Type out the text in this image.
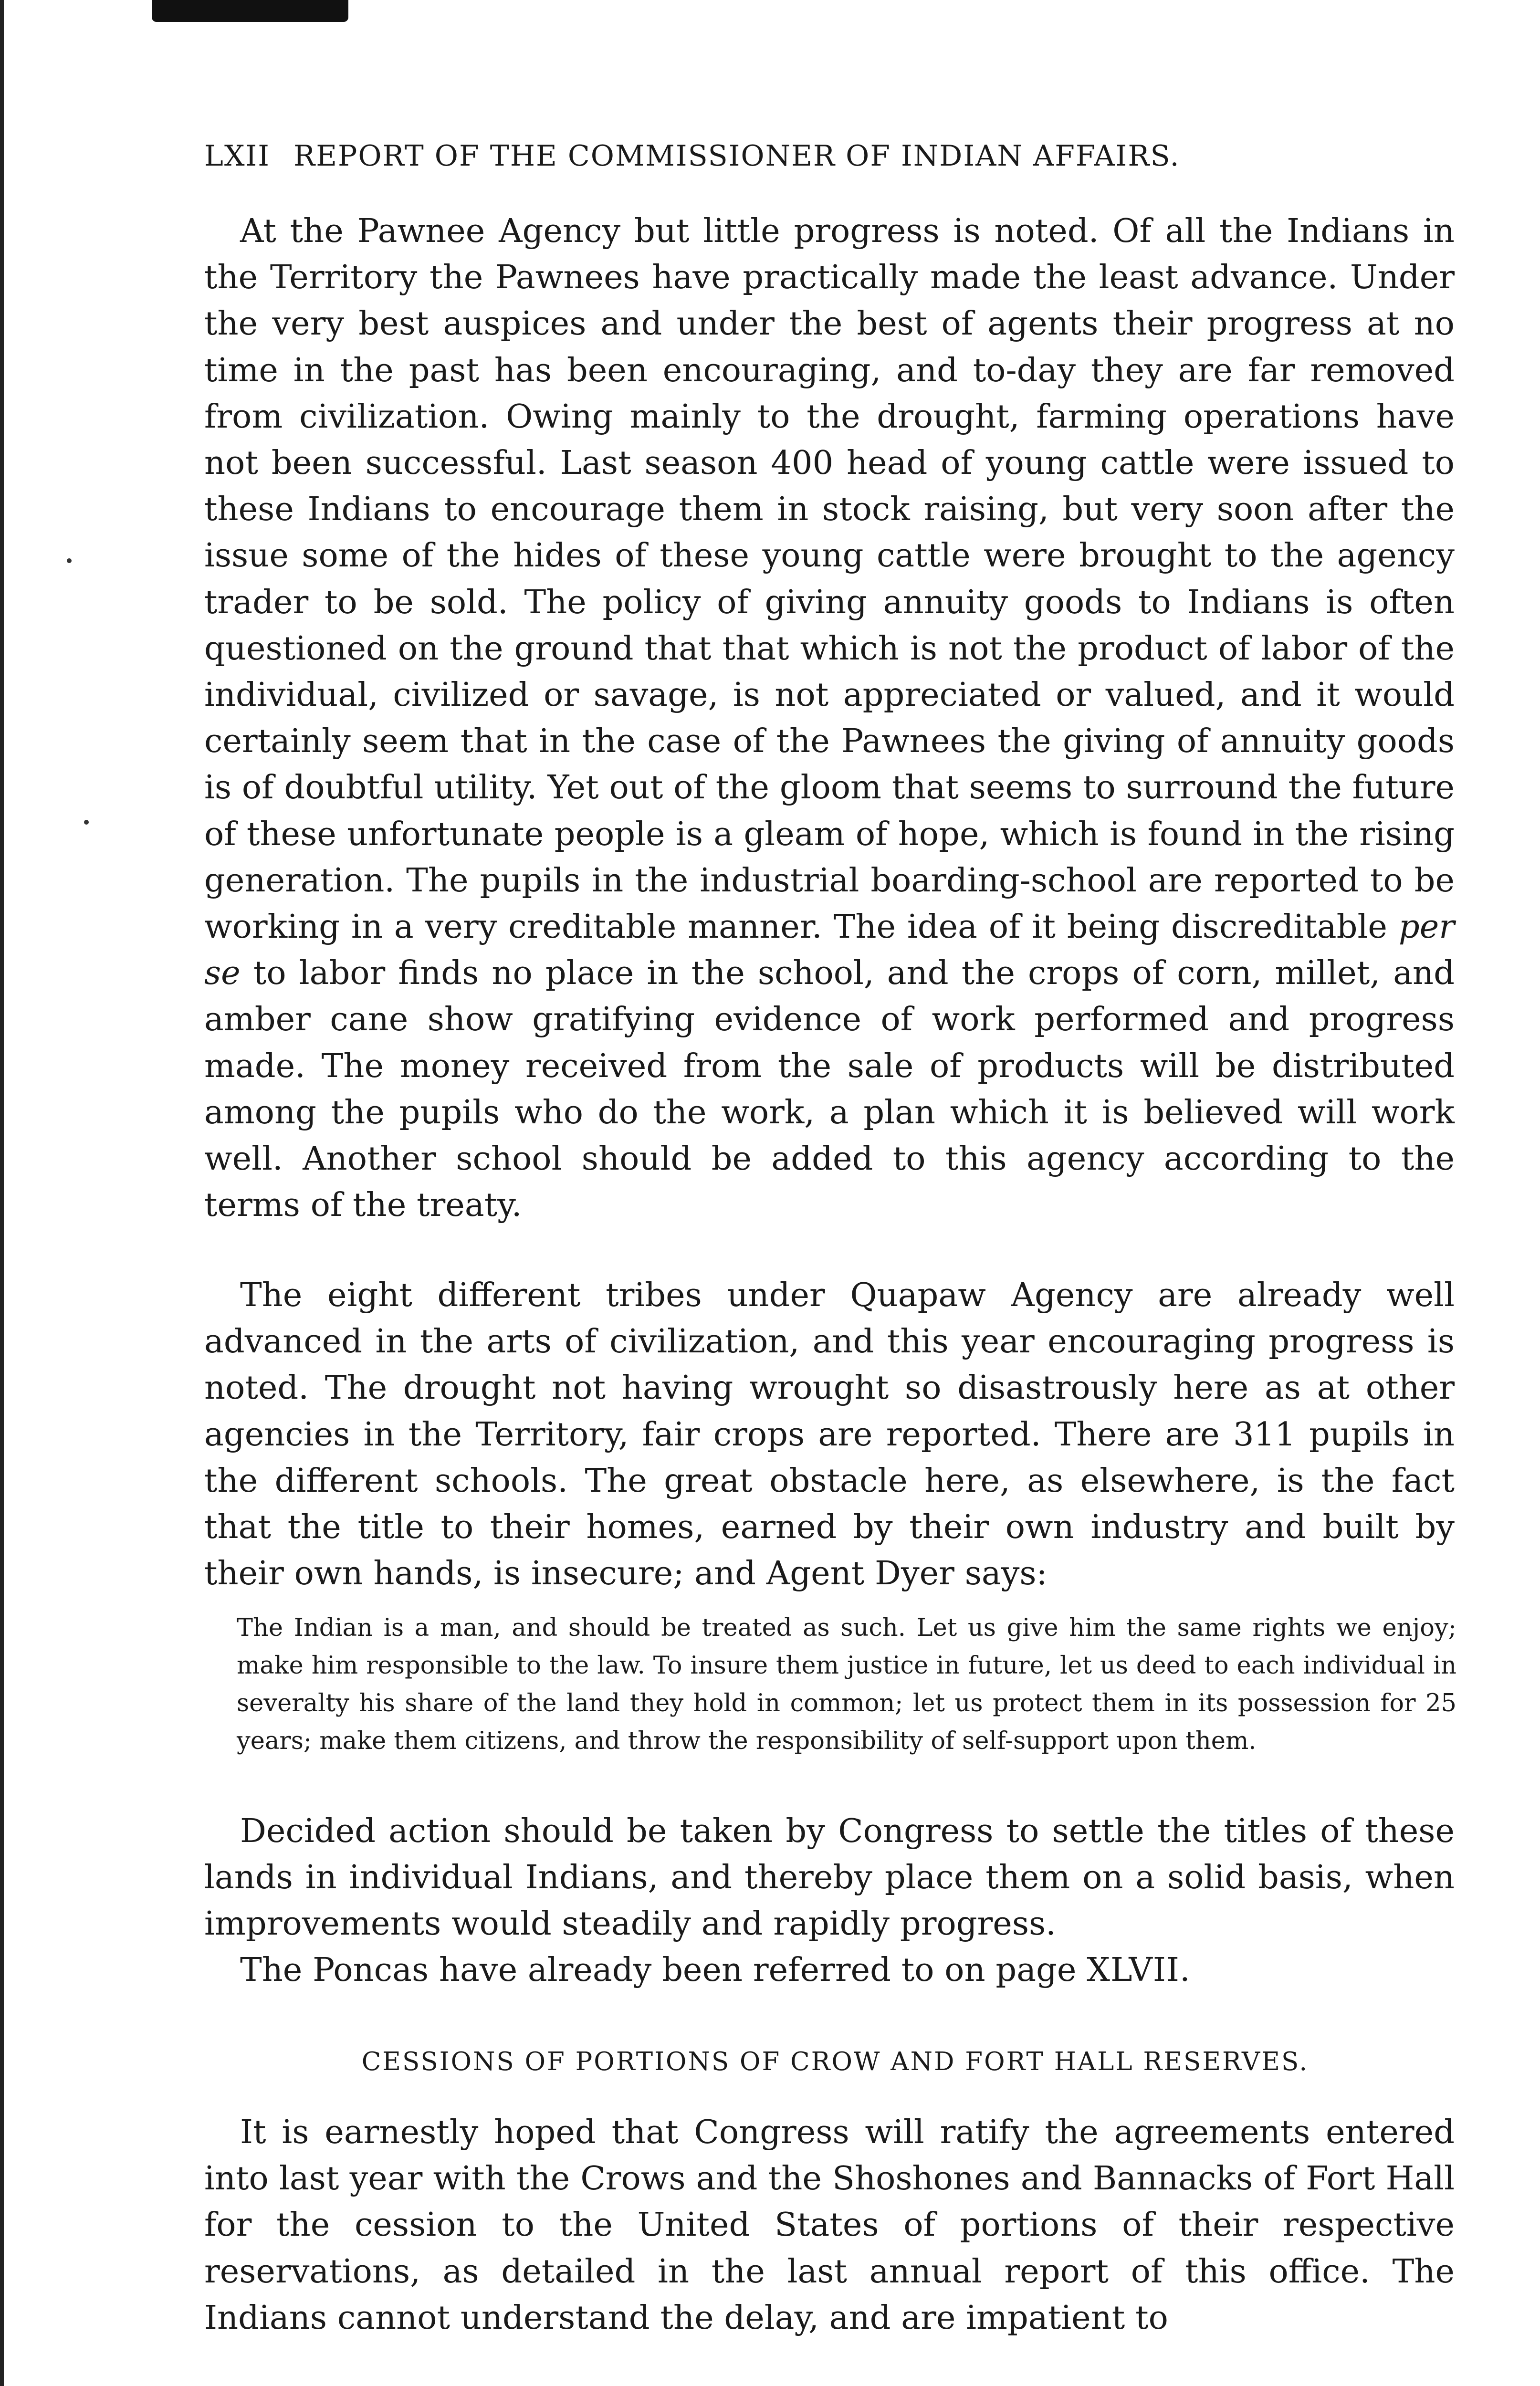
LXII REPORT OF THE COMMISSIONER OF INDIAN AFFAIRS.

At the Pawnee Agency but little progress is noted. Of all the Indians in the Territory the Pawnees have practically made the least advance. Under the very best auspices and under the best of agents their progress at no time in the past has been encouraging, and to-day they are far removed from civilization. Owing mainly to the drought, farming operations have not been successful. Last season 400 head of young cattle were issued to these Indians to encourage them in stock raising, but very soon after the issue some of the hides of these young cattle were brought to the agency trader to be sold. The policy of giving annuity goods to Indians is often questioned on the ground that that which is not the product of labor of the individual, civilized or savage, is not appreciated or valued, and it would certainly seem that in the case of the Pawnees the giving of annuity goods is of doubtful utility. Yet out of the gloom that seems to surround the future of these unfortunate people is a gleam of hope, which is found in the rising generation. The pupils in the industrial boarding-school are reported to be working in a very creditable manner. The idea of it being discreditable per se to labor finds no place in the school, and the crops of corn, millet, and amber cane show gratifying evidence of work performed and progress made. The money received from the sale of products will be distributed among the pupils who do the work, a plan which it is believed will work well. Another school should be added to this agency according to the terms of the treaty.

The eight different tribes under Quapaw Agency are already well advanced in the arts of civilization, and this year encouraging progress is noted. The drought not having wrought so disastrously here as at other agencies in the Territory, fair crops are reported. There are 311 pupils in the different schools. The great obstacle here, as elsewhere, is the fact that the title to their homes, earned by their own industry and built by their own hands, is insecure; and Agent Dyer says:

The Indian is a man, and should be treated as such. Let us give him the same rights we enjoy; make him responsible to the law. To insure them justice in future, let us deed to each individual in severalty his share of the land they hold in common; let us protect them in its possession for 25 years; make them citizens, and throw the responsibility of self-support upon them.

Decided action should be taken by Congress to settle the titles of these lands in individual Indians, and thereby place them on a solid basis, when improvements would steadily and rapidly progress.

The Poncas have already been referred to on page XLVII.

CESSIONS OF PORTIONS OF CROW AND FORT HALL RESERVES.

It is earnestly hoped that Congress will ratify the agreements entered into last year with the Crows and the Shoshones and Bannacks of Fort Hall for the cession to the United States of portions of their respective reservations, as detailed in the last annual report of this office. The Indians cannot understand the delay, and are impatient to
